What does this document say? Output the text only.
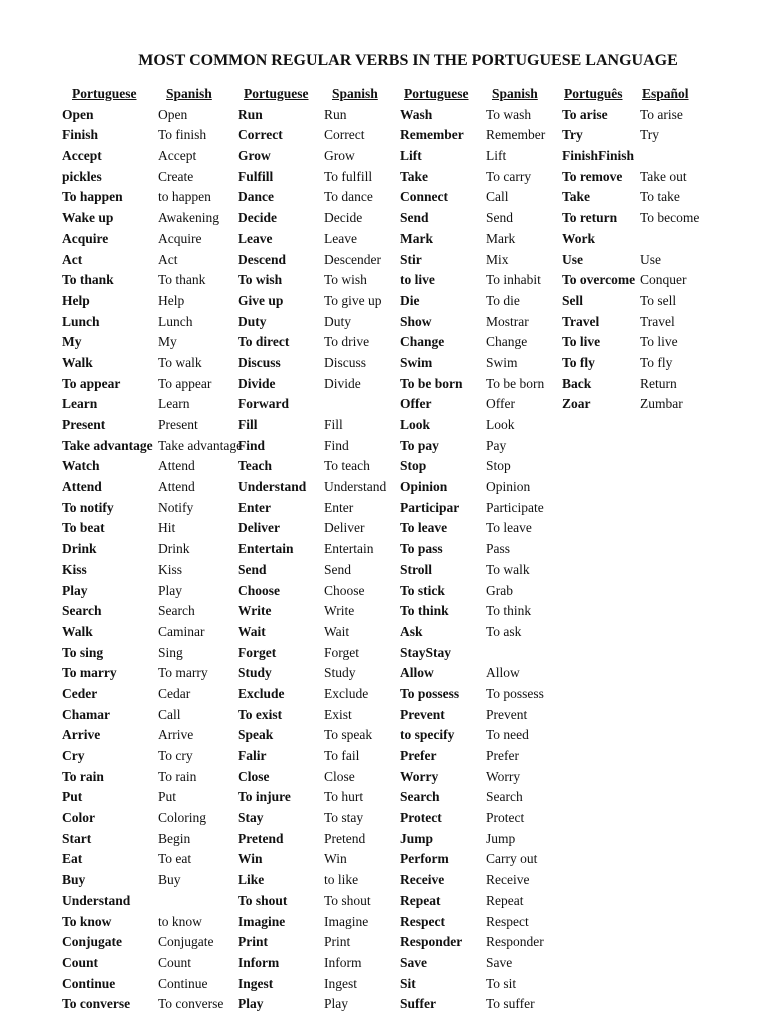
MOST COMMON REGULAR VERBS IN THE PORTUGUESE LANGUAGE
Portuguese
Open
Finish
Accept
pickles
To happen
Wake up
Acquire
Act
To thank
Help
Lunch
My
Walk
To appear
Learn
Present
Take advantage
Watch
Attend
To notify
To beat
Drink
Kiss
Play
Search
Walk
To sing
To marry
Ceder
Chamar
Arrive
Cry
To rain
Put
Color
Start
Eat
Buy
Understand
To know
Conjugate
Count
Continue
To converse
Spanish
Open
To finish
Accept
Create
to happen
Awakening
Acquire
Act
To thank
Help
Lunch
My
To walk
To appear
Learn
Present
Take advantage
Attend
Attend
Notify
Hit
Drink
Kiss
Play
Search
Caminar
Sing
To marry
Cedar
Call
Arrive
To cry
To rain
Put
Coloring
Begin
To eat
Buy
to know
Conjugate
Count
Continue
To converse
Portuguese
Run
Correct
Grow
Fulfill
Dance
Decide
Leave
Descend
To wish
Give up
Duty
To direct
Discuss
Divide
Forward
Fill
Find
Teach
Understand
Enter
Deliver
Entertain
Send
Choose
Write
Wait
Forget
Study
Exclude
To exist
Speak
Falir
Close
To injure
Stay
Pretend
Win
Like
To shout
Imagine
Print
Inform
Ingest
Play
Spanish
Run
Correct
Grow
To fulfill
To dance
Decide
Leave
Descender
To wish
To give up
Duty
To drive
Discuss
Divide
Fill
Find
To teach
Understand
Enter
Deliver
Entertain
Send
Choose
Write
Wait
Forget
Study
Exclude
Exist
To speak
To fail
Close
To hurt
To stay
Pretend
Win
to like
To shout
Imagine
Print
Inform
Ingest
Play
Portuguese
Wash
Remember
Lift
Take
Connect
Send
Mark
Stir
to live
Die
Show
Change
Swim
To be born
Offer
Look
To pay
Stop
Opinion
Participar
To leave
To pass
Stroll
To stick
To think
Ask
StayStay
Allow
To possess
Prevent
to specify
Prefer
Worry
Search
Protect
Jump
Perform
Receive
Repeat
Respect
Responder
Save
Sit
Suffer
Spanish
To wash
Remember
Lift
To carry
Call
Send
Mark
Mix
To inhabit
To die
Mostrar
Change
Swim
To be born
Offer
Look
Pay
Stop
Opinion
Participate
To leave
Pass
To walk
Grab
To think
To ask
Allow
To possess
Prevent
To need
Prefer
Worry
Search
Protect
Jump
Carry out
Receive
Repeat
Respect
Responder
Save
To sit
To suffer
Português
To arise
Try
FinishFinish
To remove
Take
To return
Work
Use
To overcome
Sell
Travel
To live
To fly
Back
Zoar
Español
To arise
Try
Take out
To take
To become
Use
Conquer
To sell
Travel
To live
To fly
Return
Zumbar
